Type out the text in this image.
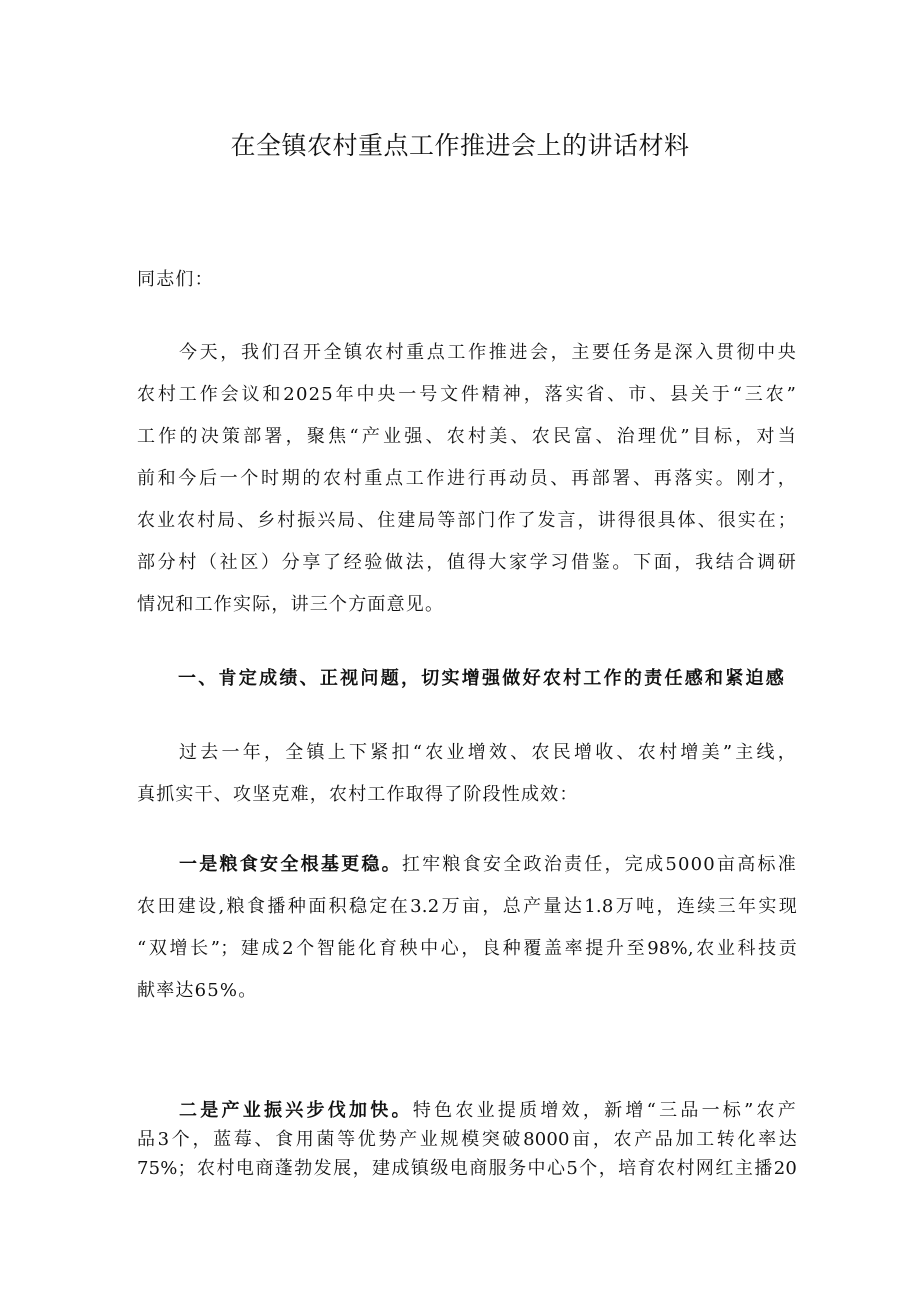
在全镇农村重点工作推进会上的讲话材料
同志们：
今天，我们召开全镇农村重点工作推进会，主要任务是深入贯彻中央
农村工作会议和2025年中央一号文件精神，落实省、市、县关于“三农”
工作的决策部署，聚焦“产业强、农村美、农民富、治理优”目标，对当
前和今后一个时期的农村重点工作进行再动员、再部署、再落实。刚才，
农业农村局、乡村振兴局、住建局等部门作了发言，讲得很具体、很实在；
部分村（社区）分享了经验做法，值得大家学习借鉴。下面，我结合调研
情况和工作实际，讲三个方面意见。
一、肯定成绩、正视问题，切实增强做好农村工作的责任感和紧迫感
过去一年，全镇上下紧扣“农业增效、农民增收、农村增美”主线，
真抓实干、攻坚克难，农村工作取得了阶段性成效：
一是粮食安全根基更稳。扛牢粮食安全政治责任，完成5000亩高标准
农田建设,粮食播种面积稳定在3.2万亩，总产量达1.8万吨，连续三年实现
“双增长”；建成2个智能化育秧中心，良种覆盖率提升至98%,农业科技贡
献率达65%。
二是产业振兴步伐加快。特色农业提质增效，新增“三品一标”农产
品3个，蓝莓、食用菌等优势产业规模突破8000亩，农产品加工转化率达
75%；农村电商蓬勃发展，建成镇级电商服务中心5个，培育农村网红主播20
